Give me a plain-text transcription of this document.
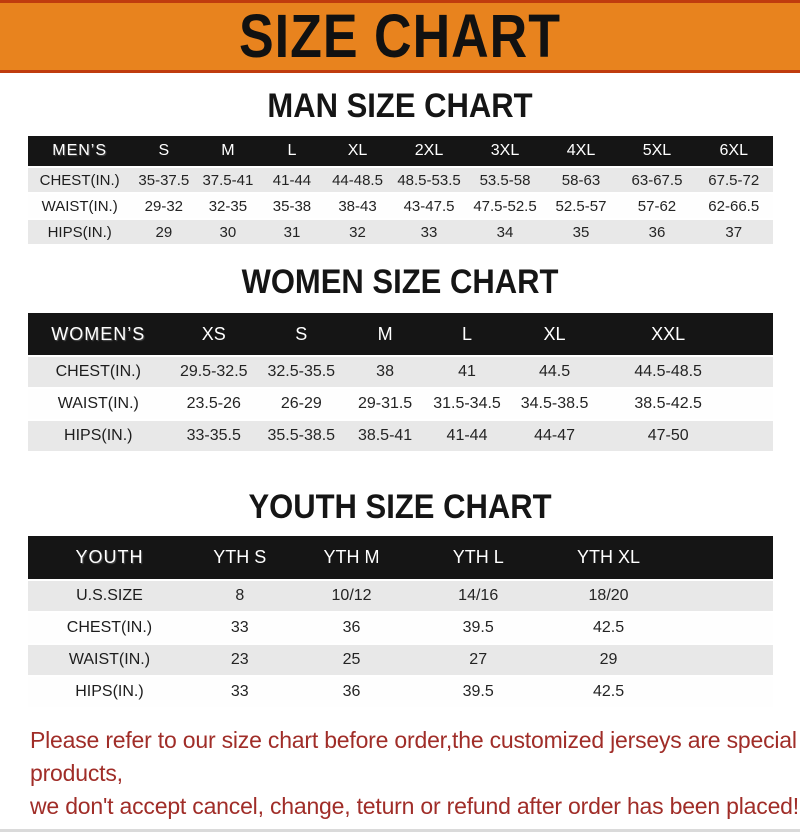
SIZE CHART
MAN SIZE CHART
MEN’S	S	M	L	XL	2XL	3XL	4XL	5XL	6XL
CHEST(IN.)	35-37.5	37.5-41	41-44	44-48.5	48.5-53.5	53.5-58	58-63	63-67.5	67.5-72
WAIST(IN.)	29-32	32-35	35-38	38-43	43-47.5	47.5-52.5	52.5-57	57-62	62-66.5
HIPS(IN.)	29	30	31	32	33	34	35	36	37
WOMEN SIZE CHART
WOMEN’S	XS	S	M	L	XL	XXL	
CHEST(IN.)	29.5-32.5	32.5-35.5	38	41	44.5	44.5-48.5	
WAIST(IN.)	23.5-26	26-29	29-31.5	31.5-34.5	34.5-38.5	38.5-42.5	
HIPS(IN.)	33-35.5	35.5-38.5	38.5-41	41-44	44-47	47-50	
YOUTH SIZE CHART
YOUTH	YTH S	YTH M	YTH L	YTH XL	
U.S.SIZE	8	10/12	14/16	18/20	
CHEST(IN.)	33	36	39.5	42.5	
WAIST(IN.)	23	25	27	29	
HIPS(IN.)	33	36	39.5	42.5	
Please refer to our size chart before order,the customized jerseys are special products,
we don't accept cancel, change, teturn or refund after order has been placed!
